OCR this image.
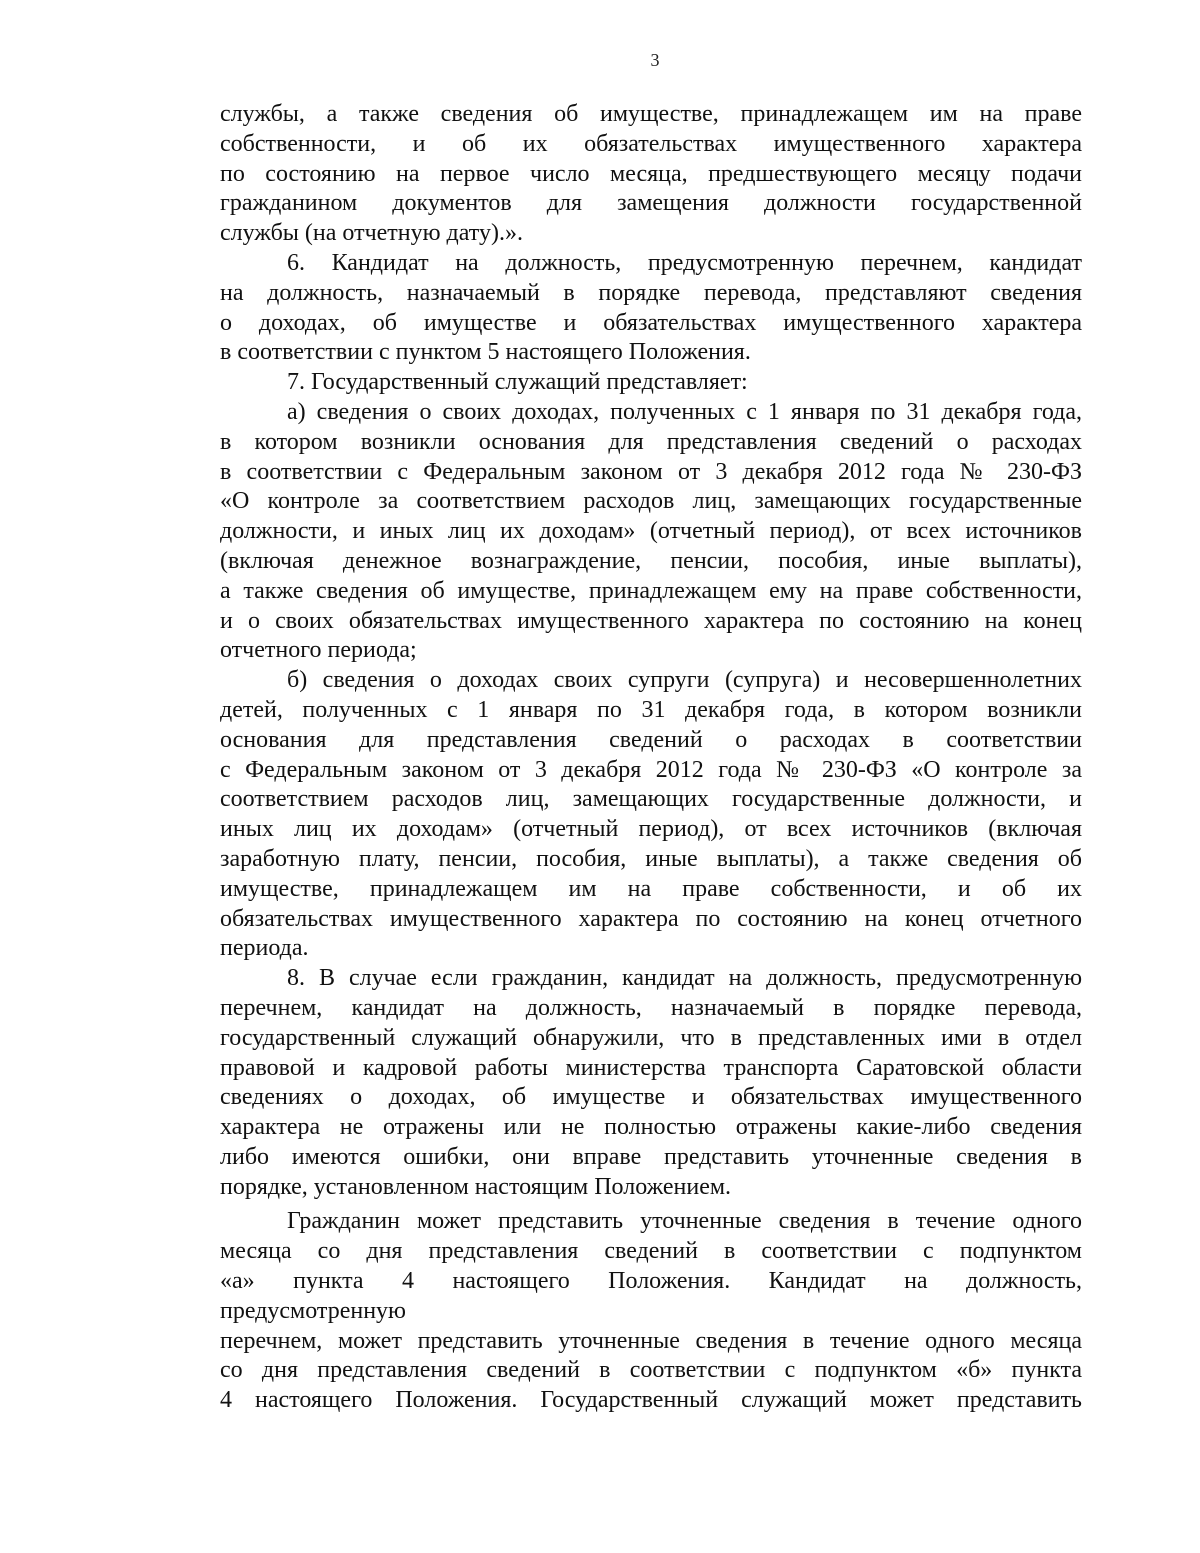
3
службы, а также сведения об имуществе, принадлежащем им на праве
собственности, и об их обязательствах имущественного характера
по состоянию на первое число месяца, предшествующего месяцу подачи
гражданином документов для замещения должности государственной
службы (на отчетную дату).».
6. Кандидат на должность, предусмотренную перечнем, кандидат
на должность, назначаемый в порядке перевода, представляют сведения
о доходах, об имуществе и обязательствах имущественного характера
в соответствии с пунктом 5 настоящего Положения.
7. Государственный служащий представляет:
а) сведения о своих доходах, полученных с 1 января по 31 декабря года,
в котором возникли основания для представления сведений о расходах
в соответствии с Федеральным законом от 3 декабря 2012 года № 230-ФЗ
«О контроле за соответствием расходов лиц, замещающих государственные
должности, и иных лиц их доходам» (отчетный период), от всех источников
(включая денежное вознаграждение, пенсии, пособия, иные выплаты),
а также сведения об имуществе, принадлежащем ему на праве собственности,
и о своих обязательствах имущественного характера по состоянию на конец
отчетного периода;
б) сведения о доходах своих супруги (супруга) и несовершеннолетних
детей, полученных с 1 января по 31 декабря года, в котором возникли
основания для представления сведений о расходах в соответствии
с Федеральным законом от 3 декабря 2012 года № 230-ФЗ «О контроле за
соответствием расходов лиц, замещающих государственные должности, и
иных лиц их доходам» (отчетный период), от всех источников (включая
заработную плату, пенсии, пособия, иные выплаты), а также сведения об
имуществе, принадлежащем им на праве собственности, и об их
обязательствах имущественного характера по состоянию на конец отчетного
периода.
8. В случае если гражданин, кандидат на должность, предусмотренную
перечнем, кандидат на должность, назначаемый в порядке перевода,
государственный служащий обнаружили, что в представленных ими в отдел
правовой и кадровой работы министерства транспорта Саратовской области
сведениях о доходах, об имуществе и обязательствах имущественного
характера не отражены или не полностью отражены какие-либо сведения
либо имеются ошибки, они вправе представить уточненные сведения в
порядке, установленном настоящим Положением.
Гражданин может представить уточненные сведения в течение одного
месяца со дня представления сведений в соответствии с подпунктом
«а» пункта 4 настоящего Положения. Кандидат на должность,
предусмотренную
перечнем, может представить уточненные сведения в течение одного месяца
со дня представления сведений в соответствии с подпунктом «б» пункта
4 настоящего Положения. Государственный служащий может представить
